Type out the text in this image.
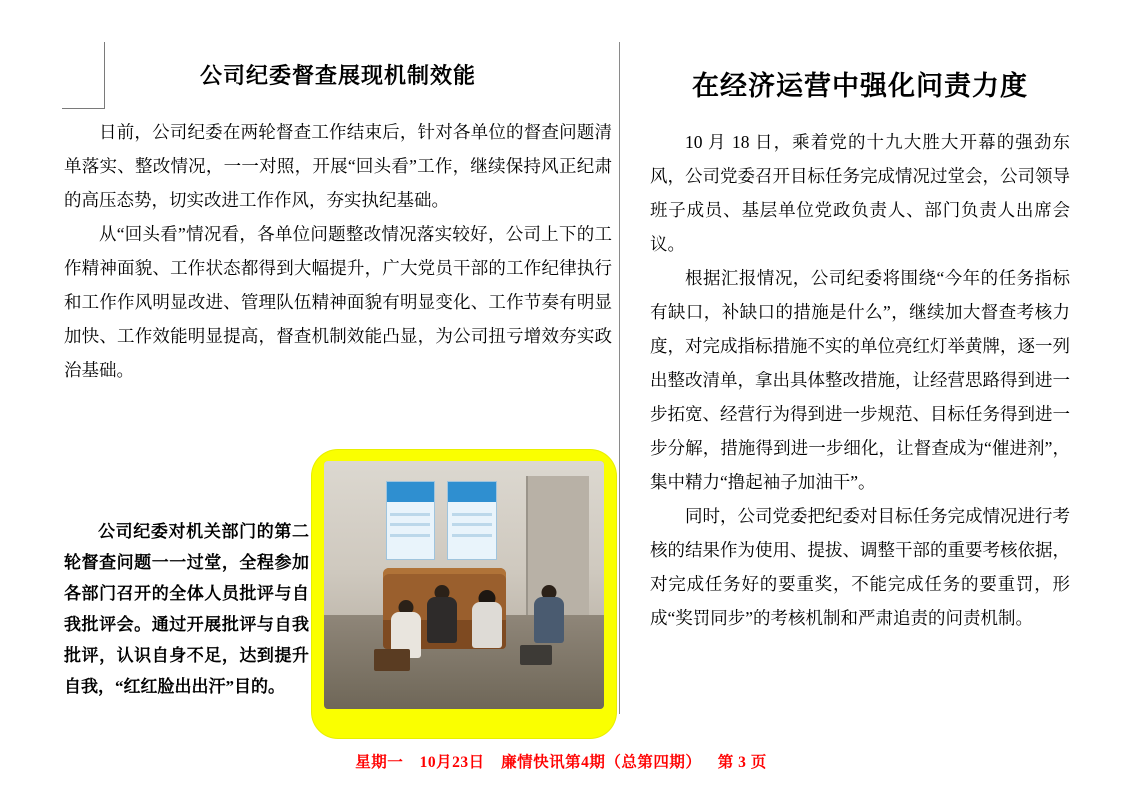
公司纪委督查展现机制效能

日前，公司纪委在两轮督查工作结束后，针对各单位的督查问题清单落实、整改情况，一一对照，开展“回头看”工作，继续保持风正纪肃的高压态势，切实改进工作作风，夯实执纪基础。

从“回头看”情况看，各单位问题整改情况落实较好，公司上下的工作精神面貌、工作状态都得到大幅提升，广大党员干部的工作纪律执行和工作作风明显改进、管理队伍精神面貌有明显变化、工作节奏有明显加快、工作效能明显提高，督查机制效能凸显，为公司扭亏增效夯实政治基础。

公司纪委对机关部门的第二轮督查问题一一过堂，全程参加各部门召开的全体人员批评与自我批评会。通过开展批评与自我批评，认识自身不足，达到提升自我，“红红脸出出汗”目的。

在经济运营中强化问责力度

10 月 18 日，乘着党的十九大胜大开幕的强劲东风，公司党委召开目标任务完成情况过堂会，公司领导班子成员、基层单位党政负责人、部门负责人出席会议。

根据汇报情况，公司纪委将围绕“今年的任务指标有缺口，补缺口的措施是什么”，继续加大督查考核力度，对完成指标措施不实的单位亮红灯举黄牌，逐一列出整改清单，拿出具体整改措施，让经营思路得到进一步拓宽、经营行为得到进一步规范、目标任务得到进一步分解，措施得到进一步细化，让督查成为“催进剂”，集中精力“撸起袖子加油干”。

同时，公司党委把纪委对目标任务完成情况进行考核的结果作为使用、提拔、调整干部的重要考核依据，对完成任务好的要重奖，不能完成任务的要重罚，形成“奖罚同步”的考核机制和严肃追责的问责机制。

星期一 10月23日 廉情快讯第4期（总第四期） 第 3 页
